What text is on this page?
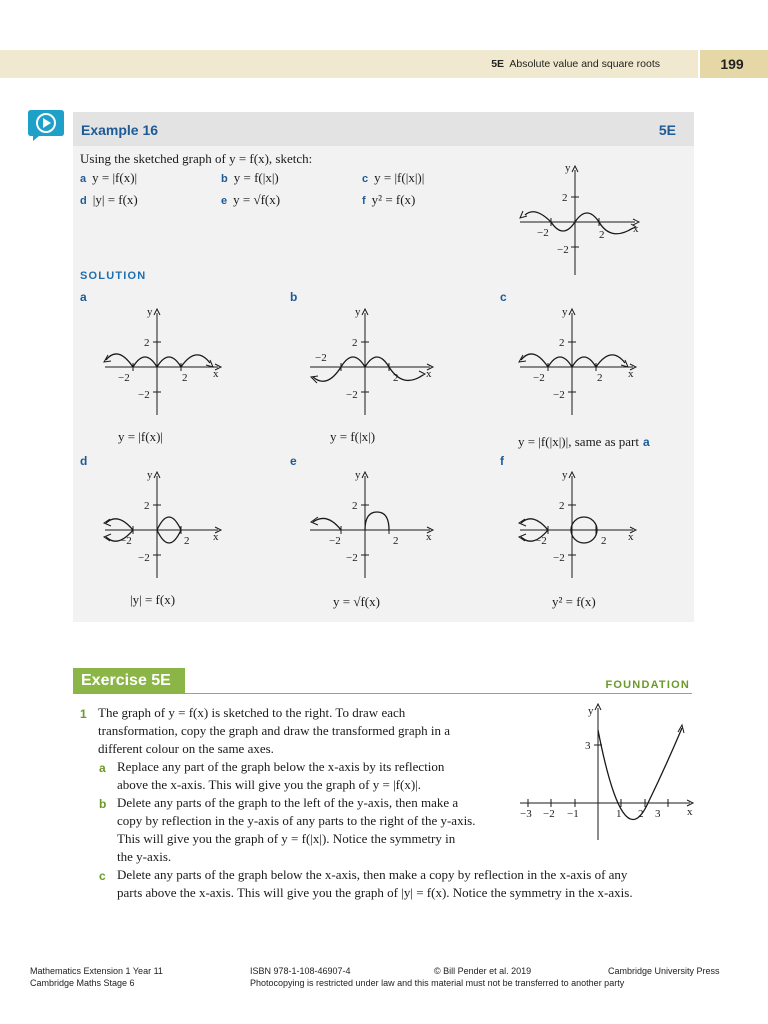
5E Absolute value and square roots	199
Example 16	5E
Using the sketched graph of y = f(x), sketch:
a y = |f(x)|	b y = f(|x|)	c y = |f(|x|)|
d |y| = f(x)	e y = √f(x)	f y² = f(x)
y
x
2
2
−2
−2
SOLUTION
a	b	c
d	e	f
y
x
2
2
−2
−2
y
x
2
2
−2
−2
y
x
2
2
−2
−2
y = |f(x)|	y = f(|x|)	y = |f(|x|)|, same as part a
y
x
2
2
−2
−2
y
x
2
2
−2
−2
y
x
2
2
−2
−2
|y| = f(x)	y = √f(x)	y² = f(x)
Exercise 5E	FOUNDATION
1 The graph of y = f(x) is sketched to the right. To draw each
transformation, copy the graph and draw the transformed graph in a
different colour on the same axes.
a Replace any part of the graph below the x-axis by its reflection
above the x-axis. This will give you the graph of y = |f(x)|.
b Delete any parts of the graph to the left of the y-axis, then make a
copy by reflection in the y-axis of any parts to the right of the y-axis.
This will give you the graph of y = f(|x|). Notice the symmetry in
the y-axis.
c Delete any parts of the graph below the x-axis, then make a copy by reflection in the x-axis of any
parts above the x-axis. This will give you the graph of |y| = f(x). Notice the symmetry in the x-axis.
y
x
3
−3 −2 −1	1 2 3
Mathematics Extension 1 Year 11
Cambridge Maths Stage 6
ISBN 978-1-108-46907-4	© Bill Pender et al. 2019	Cambridge University Press
Photocopying is restricted under law and this material must not be transferred to another party
